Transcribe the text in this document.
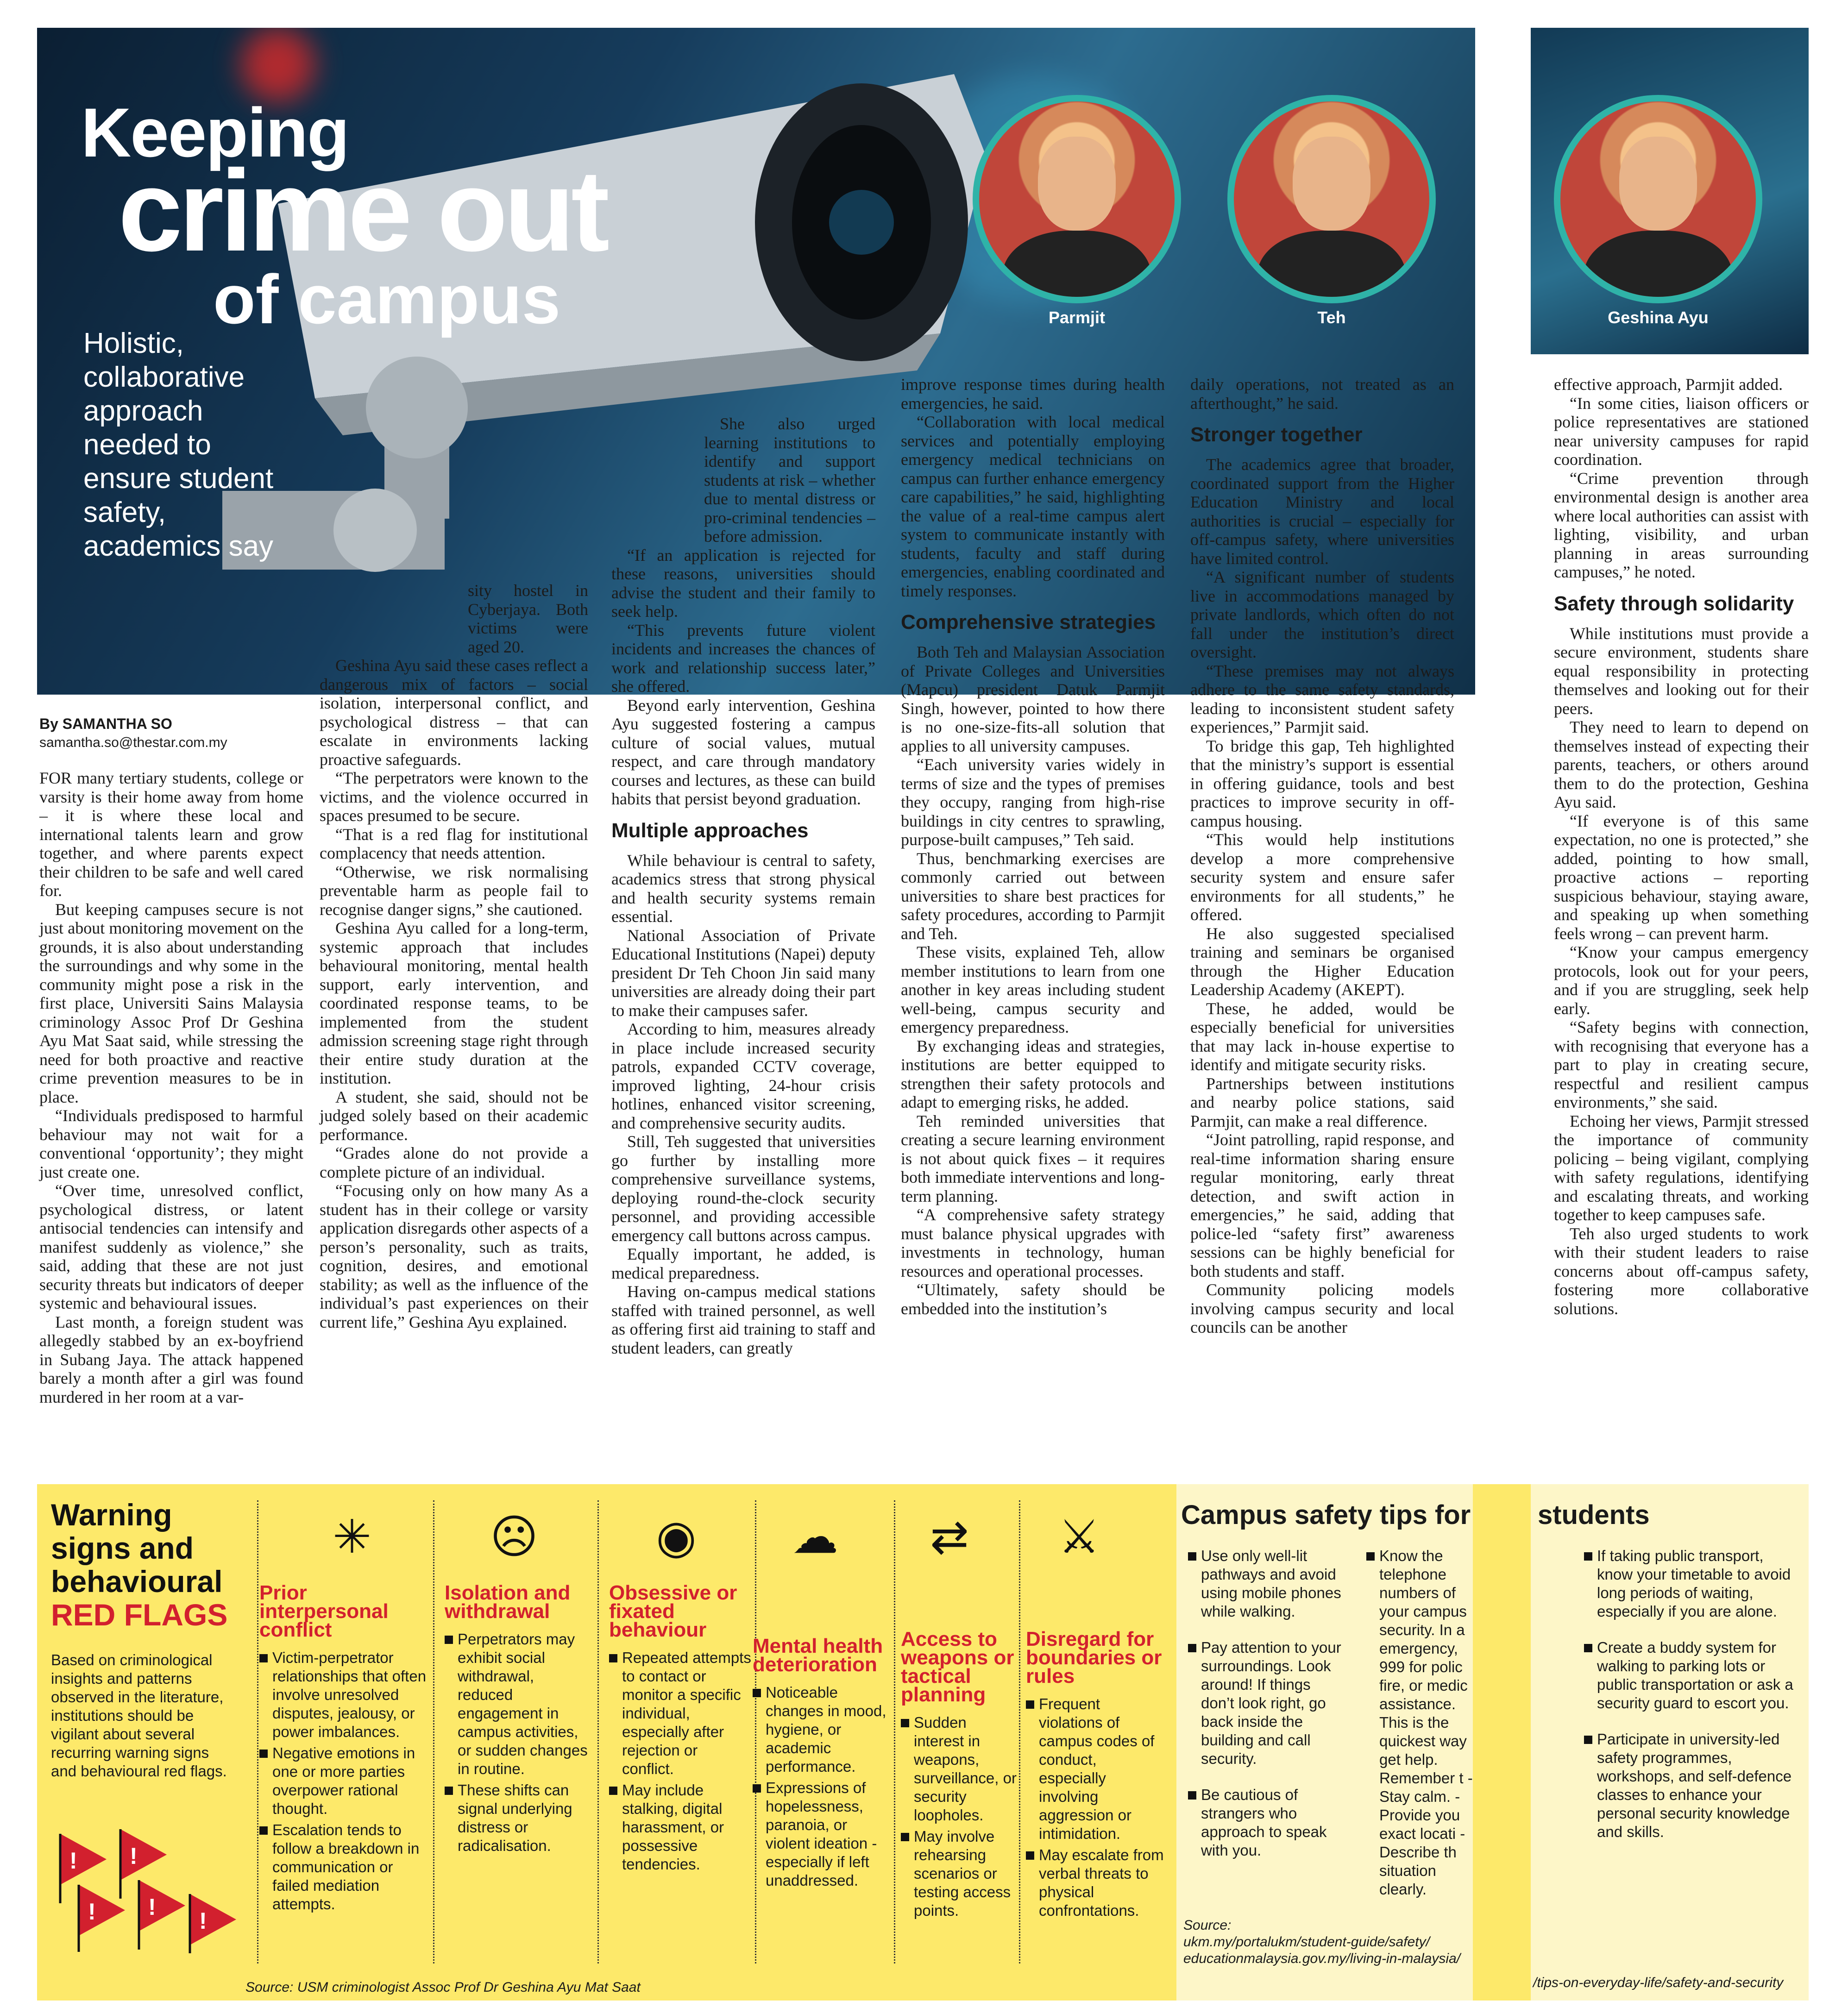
Keeping
crime out
of campus
Holistic, collaborative approach needed to ensure student safety, academics say
Parmjit	Teh	Geshina Ayu
By SAMANTHA SO
samantha.so@thestar.com.my

FOR many tertiary students, college or varsity is their home away from home – it is where these local and international talents learn and grow together, and where parents expect their children to be safe and well cared for.

But keeping campuses secure is not just about monitoring movement on the grounds, it is also about understanding the surroundings and why some in the community might pose a risk in the first place, Universiti Sains Malaysia criminology Assoc Prof Dr Geshina Ayu Mat Saat said, while stressing the need for both proactive and reactive crime prevention measures to be in place.

“Individuals predisposed to harmful behaviour may not wait for a conventional ‘opportunity’; they might just create one.

“Over time, unresolved conflict, psychological distress, or latent antisocial tendencies can intensify and manifest suddenly as violence,” she said, adding that these are not just security threats but indicators of deeper systemic and behavioural issues.

Last month, a foreign student was allegedly stabbed by an ex-boyfriend in Subang Jaya. The attack happened barely a month after a girl was found murdered in her room at a var-

sity hostel in Cyberjaya. Both victims were aged 20.

Geshina Ayu said these cases reflect a dangerous mix of factors – social isolation, interpersonal conflict, and psychological distress – that can escalate in environments lacking proactive safeguards.

“The perpetrators were known to the victims, and the violence occurred in spaces presumed to be secure.

“That is a red flag for institutional complacency that needs attention.

“Otherwise, we risk normalising preventable harm as people fail to recognise danger signs,” she cautioned.

Geshina Ayu called for a long-term, systemic approach that includes behavioural monitoring, mental health support, early intervention, and coordinated response teams, to be implemented from the student admission screening stage right through their entire study duration at the institution.

A student, she said, should not be judged solely based on their academic performance.

“Grades alone do not provide a complete picture of an individual.

“Focusing only on how many As a student has in their college or varsity application disregards other aspects of a person’s personality, such as traits, cognition, desires, and emotional stability; as well as the influence of the individual’s past experiences on their current life,” Geshina Ayu explained.

She also urged learning institutions to identify and support students at risk – whether due to mental distress or pro-criminal tendencies – before admission.

“If an application is rejected for these reasons, universities should advise the student and their family to seek help.

“This prevents future violent incidents and increases the chances of work and relationship success later,” she offered.

Beyond early intervention, Geshina Ayu suggested fostering a campus culture of social values, mutual respect, and care through mandatory courses and lectures, as these can build habits that persist beyond graduation.

Multiple approaches

While behaviour is central to safety, academics stress that strong physical and health security systems remain essential.

National Association of Private Educational Institutions (Napei) deputy president Dr Teh Choon Jin said many universities are already doing their part to make their campuses safer.

According to him, measures already in place include increased security patrols, expanded CCTV coverage, improved lighting, 24-hour crisis hotlines, enhanced visitor screening, and comprehensive security audits.

Still, Teh suggested that universities go further by installing more comprehensive surveillance systems, deploying round-the-clock security personnel, and providing accessible emergency call buttons across campus.

Equally important, he added, is medical preparedness.

Having on-campus medical stations staffed with trained personnel, as well as offering first aid training to staff and student leaders, can greatly

improve response times during health emergencies, he said.

“Collaboration with local medical services and potentially employing emergency medical technicians on campus can further enhance emergency care capabilities,” he said, highlighting the value of a real-time campus alert system to communicate instantly with students, faculty and staff during emergencies, enabling coordinated and timely responses.

Comprehensive strategies

Both Teh and Malaysian Association of Private Colleges and Universities (Mapcu) president Datuk Parmjit Singh, however, pointed to how there is no one-size-fits-all solution that applies to all university campuses.

“Each university varies widely in terms of size and the types of premises they occupy, ranging from high-rise buildings in city centres to sprawling, purpose-built campuses,” Teh said.

Thus, benchmarking exercises are commonly carried out between universities to share best practices for safety procedures, according to Parmjit and Teh.

These visits, explained Teh, allow member institutions to learn from one another in key areas including student well-being, campus security and emergency preparedness.

By exchanging ideas and strategies, institutions are better equipped to strengthen their safety protocols and adapt to emerging risks, he added.

Teh reminded universities that creating a secure learning environment is not about quick fixes – it requires both immediate interventions and long-term planning.

“A comprehensive safety strategy must balance physical upgrades with investments in technology, human resources and operational processes.

“Ultimately, safety should be embedded into the institution’s

daily operations, not treated as an afterthought,” he said.

Stronger together

The academics agree that broader, coordinated support from the Higher Education Ministry and local authorities is crucial – especially for off-campus safety, where universities have limited control.

“A significant number of students live in accommodations managed by private landlords, which often do not fall under the institution’s direct oversight.

“These premises may not always adhere to the same safety standards, leading to inconsistent student safety experiences,” Parmjit said.

To bridge this gap, Teh highlighted that the ministry’s support is essential in offering guidance, tools and best practices to improve security in off-campus housing.

“This would help institutions develop a more comprehensive security system and ensure safer environments for all students,” he offered.

He also suggested specialised training and seminars be organised through the Higher Education Leadership Academy (AKEPT).

These, he added, would be especially beneficial for universities that may lack in-house expertise to identify and mitigate security risks.

Partnerships between institutions and nearby police stations, said Parmjit, can make a real difference.

“Joint patrolling, rapid response, and real-time information sharing ensure regular monitoring, early threat detection, and swift action in emergencies,” he said, adding that police-led “safety first” awareness sessions can be highly beneficial for both students and staff.

Community policing models involving campus security and local councils can be another

effective approach, Parmjit added.

“In some cities, liaison officers or police representatives are stationed near university campuses for rapid coordination.

“Crime prevention through environmental design is another area where local authorities can assist with lighting, visibility, and urban planning in areas surrounding campuses,” he noted.

Safety through solidarity

While institutions must provide a secure environment, students share equal responsibility in protecting themselves and looking out for their peers.

They need to learn to depend on themselves instead of expecting their parents, teachers, or others around them to do the protection, Geshina Ayu said.

“If everyone is of this same expectation, no one is protected,” she added, pointing to how small, proactive actions – reporting suspicious behaviour, staying aware, and speaking up when something feels wrong – can prevent harm.

“Know your campus emergency protocols, look out for your peers, and if you are struggling, seek help early.

“Safety begins with connection, with recognising that everyone has a part to play in creating secure, respectful and resilient campus environments,” she said.

Echoing her views, Parmjit stressed the importance of community policing – being vigilant, complying with safety regulations, identifying and escalating threats, and working together to keep campuses safe.

Teh also urged students to work with their student leaders to raise concerns about off-campus safety, fostering more collaborative solutions.

Warning
signs and
behavioural
RED FLAGS
Based on criminological insights and patterns observed in the literature, institutions should be vigilant about several recurring warning signs and behavioural red flags.
! !
! !
!
✳
Prior interpersonal conflict
Victim-perpetrator relationships that often involve unresolved disputes, jealousy, or power imbalances.
Negative emotions in one or more parties overpower rational thought.
Escalation tends to follow a breakdown in communication or failed mediation attempts.
☹
Isolation and withdrawal
Perpetrators may exhibit social withdrawal, reduced engagement in campus activities, or sudden changes in routine.
These shifts can signal underlying distress or radicalisation.
◉
Obsessive or fixated behaviour
Repeated attempts to contact or monitor a specific individual, especially after rejection or conflict.
May include stalking, digital harassment, or possessive tendencies.
☁
Mental health deterioration
Noticeable changes in mood, hygiene, or academic performance.
Expressions of hopelessness, paranoia, or violent ideation - especially if left unaddressed.
⇄
Access to weapons or tactical planning
Sudden interest in weapons, surveillance, or security loopholes.
May involve rehearsing scenarios or testing access points.
⚔
Disregard for boundaries or rules
Frequent violations of campus codes of conduct, especially involving aggression or intimidation.
May escalate from verbal threats to physical confrontations.
Source: USM criminologist Assoc Prof Dr Geshina Ayu Mat Saat
Campus safety tips for students
Use only well-lit pathways and avoid using mobile phones while walking.
Pay attention to your surroundings. Look around! If things don’t look right, go back inside the building and call security.
Be cautious of strangers who approach to speak with you.
Know the telephone numbers of your campus security. In a emergency, 999 for polic fire, or medic assistance. This is the quickest way get help. Remember t - Stay calm. - Provide you exact locati - Describe th situation clearly.
If taking public transport, know your timetable to avoid long periods of waiting, especially if you are alone.
Create a buddy system for walking to parking lots or public transportation or ask a security guard to escort you.
Participate in university-led safety programmes, workshops, and self-defence classes to enhance your personal security knowledge and skills.
Source:
ukm.my/portalukm/student-guide/safety/
educationmalaysia.gov.my/living-in-malaysia/
/tips-on-everyday-life/safety-and-security
